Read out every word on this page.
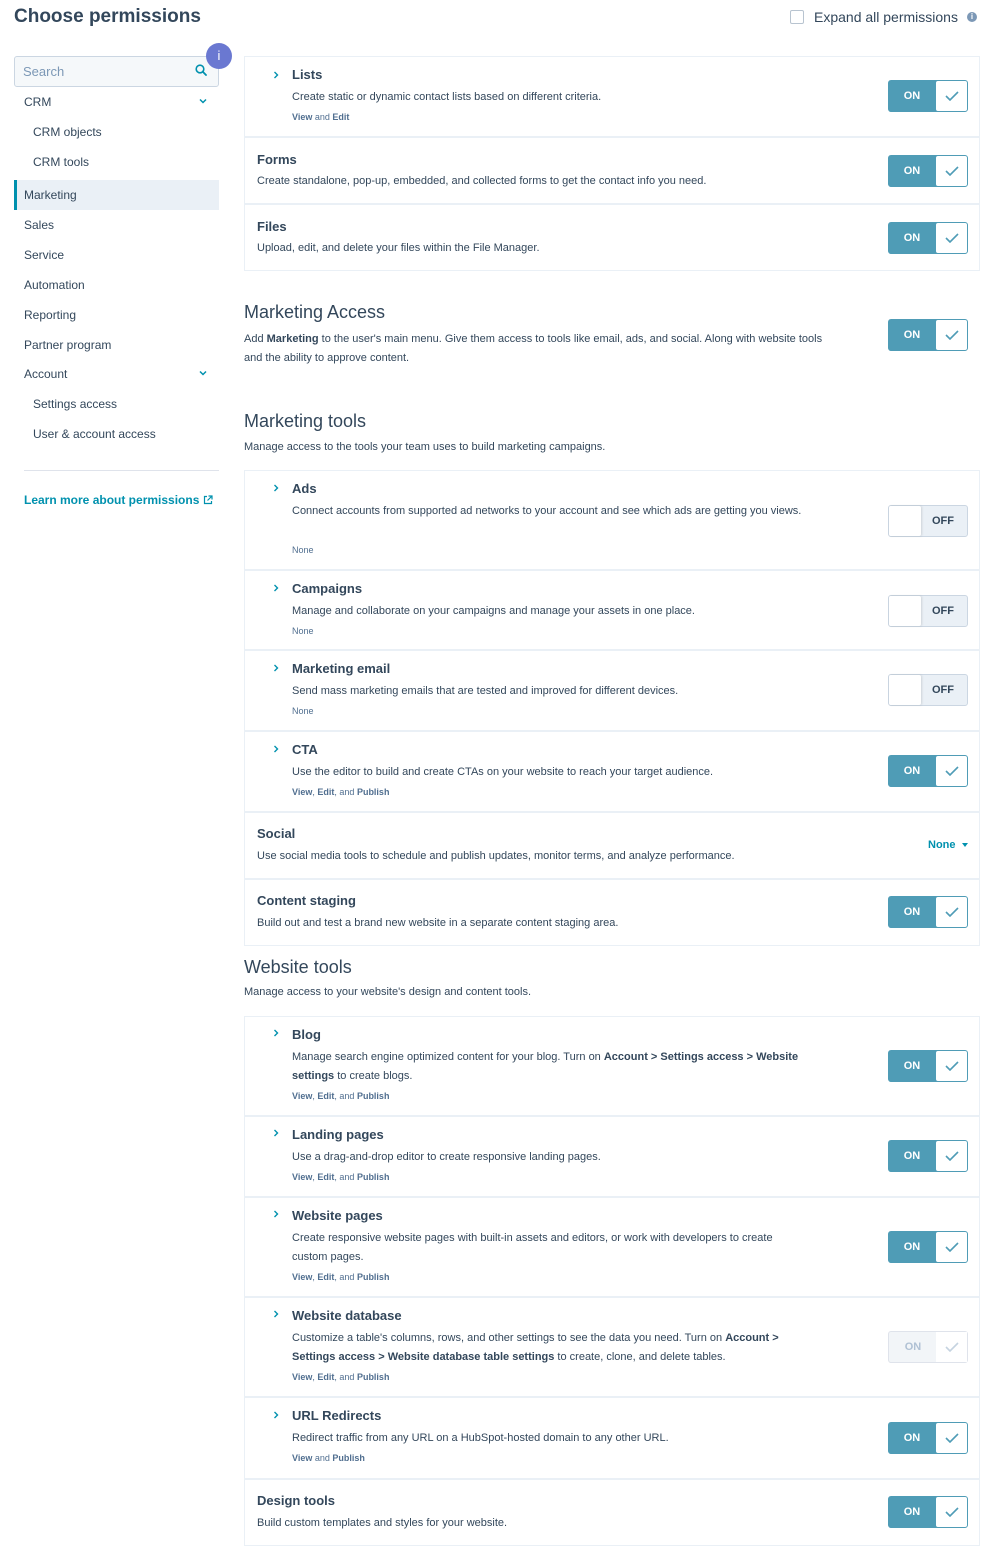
Choose permissions	Expand all permissions	i
Search
i
CRM
CRM objects
CRM tools
Marketing
Sales
Service
Automation
Reporting
Partner program
Account
Settings access
User & account access
Learn more about permissions
Lists
Create static or dynamic contact lists based on different criteria.
View and Edit
ON
Forms
Create standalone, pop-up, embedded, and collected forms to get the contact info you need.
ON
Files
Upload, edit, and delete your files within the File Manager.
ON
Marketing Access
Add Marketing to the user's main menu. Give them access to tools like email, ads, and social. Along with website tools and the ability to approve content.
ON
Marketing tools
Manage access to the tools your team uses to build marketing campaigns.
Ads
Connect accounts from supported ad networks to your account and see which ads are getting you views.
None
OFF
Campaigns
Manage and collaborate on your campaigns and manage your assets in one place.
None
OFF
Marketing email
Send mass marketing emails that are tested and improved for different devices.
None
OFF
CTA
Use the editor to build and create CTAs on your website to reach your target audience.
View, Edit, and Publish
ON
Social
Use social media tools to schedule and publish updates, monitor terms, and analyze performance.
None
Content staging
Build out and test a brand new website in a separate content staging area.
ON
Website tools
Manage access to your website's design and content tools.
Blog
Manage search engine optimized content for your blog. Turn on Account > Settings access > Website settings to create blogs.
View, Edit, and Publish
ON
Landing pages
Use a drag-and-drop editor to create responsive landing pages.
View, Edit, and Publish
ON
Website pages
Create responsive website pages with built-in assets and editors, or work with developers to create custom pages.
View, Edit, and Publish
ON
Website database
Customize a table's columns, rows, and other settings to see the data you need. Turn on Account > Settings access > Website database table settings to create, clone, and delete tables.
View, Edit, and Publish
ON
URL Redirects
Redirect traffic from any URL on a HubSpot-hosted domain to any other URL.
View and Publish
ON
Design tools
Build custom templates and styles for your website.
ON
